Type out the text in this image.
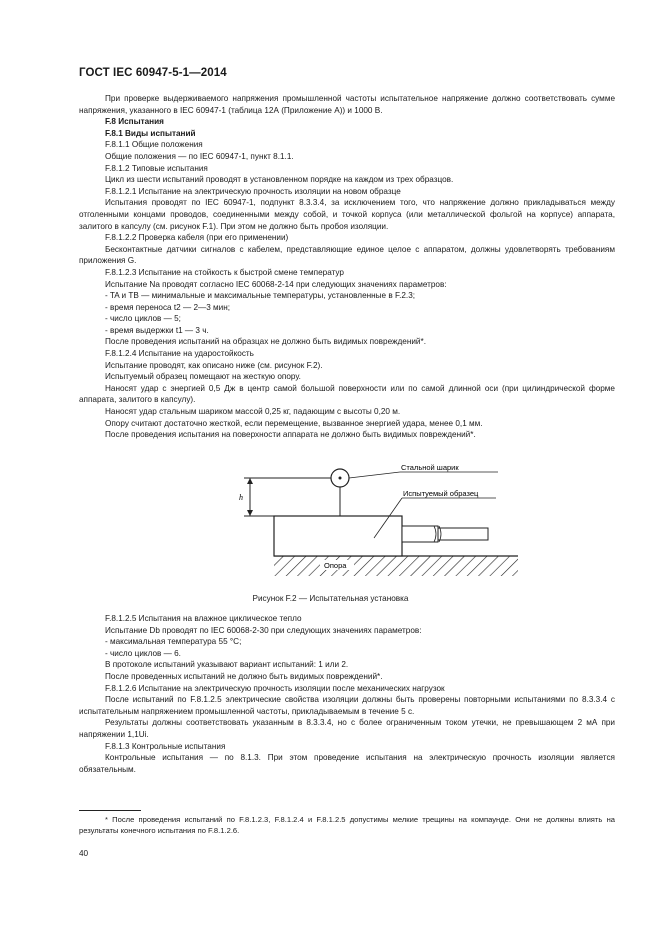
ГОСТ IEC 60947-5-1—2014

При проверке выдерживаемого напряжения промышленной частоты испытательное напряжение должно соответствовать сумме напряжения, указанного в IEC 60947-1 (таблица 12А (Приложение А)) и 1000 В.

F.8 Испытания

F.8.1 Виды испытаний

F.8.1.1 Общие положения

Общие положения — по IEC 60947-1, пункт 8.1.1.

F.8.1.2 Типовые испытания

Цикл из шести испытаний проводят в установленном порядке на каждом из трех образцов.

F.8.1.2.1 Испытание на электрическую прочность изоляции на новом образце

Испытания проводят по IEC 60947-1, подпункт 8.3.3.4, за исключением того, что напряжение должно прикладываться между отголенными концами проводов, соединенными между собой, и точкой корпуса (или металлической фольгой на корпусе) аппарата, залитого в капсулу (см. рисунок F.1). При этом не должно быть пробоя изоляции.

F.8.1.2.2 Проверка кабеля (при его применении)

Бесконтактные датчики сигналов с кабелем, представляющие единое целое с аппаратом, должны удовлетворять требованиям приложения G.

F.8.1.2.3 Испытание на стойкость к быстрой смене температур

Испытание Na проводят согласно IEC 60068-2-14 при следующих значениях параметров:

- TA и TB — минимальные и максимальные температуры, установленные в F.2.3;

- время переноса t2 — 2—3 мин;

- число циклов — 5;

- время выдержки t1 — 3 ч.

После проведения испытаний на образцах не должно быть видимых повреждений*.

F.8.1.2.4 Испытание на ударостойкость

Испытание проводят, как описано ниже (см. рисунок F.2).

Испытуемый образец помещают на жесткую опору.

Наносят удар с энергией 0,5 Дж в центр самой большой поверхности или по самой длинной оси (при цилиндрической форме аппарата, залитого в капсулу).

Наносят удар стальным шариком массой 0,25 кг, падающим с высоты 0,20 м.

Опору считают достаточно жесткой, если перемещение, вызванное энергией удара, менее 0,1 мм.

После проведения испытания на поверхности аппарата не должно быть видимых повреждений*.

h
Стальной шарик
Испытуемый образец
Опора
Рисунок F.2 — Испытательная установка

F.8.1.2.5 Испытания на влажное циклическое тепло

Испытание Db проводят по IEC 60068-2-30 при следующих значениях параметров:

- максимальная температура 55 °С;

- число циклов — 6.

В протоколе испытаний указывают вариант испытаний: 1 или 2.

После проведенных испытаний не должно быть видимых повреждений*.

F.8.1.2.6 Испытание на электрическую прочность изоляции после механических нагрузок

После испытаний по F.8.1.2.5 электрические свойства изоляции должны быть проверены повторными испытаниями по 8.3.3.4 с испытательным напряжением промышленной частоты, прикладываемым в течение 5 с.

Результаты должны соответствовать указанным в 8.3.3.4, но с более ограниченным током утечки, не превышающем 2 мА при напряжении 1,1Ui.

F.8.1.3 Контрольные испытания

Контрольные испытания — по 8.1.3. При этом проведение испытания на электрическую прочность изоляции является обязательным.

* После проведения испытаний по F.8.1.2.3, F.8.1.2.4 и F.8.1.2.5 допустимы мелкие трещины на компаунде. Они не должны влиять на результаты конечного испытания по F.8.1.2.6.

40
